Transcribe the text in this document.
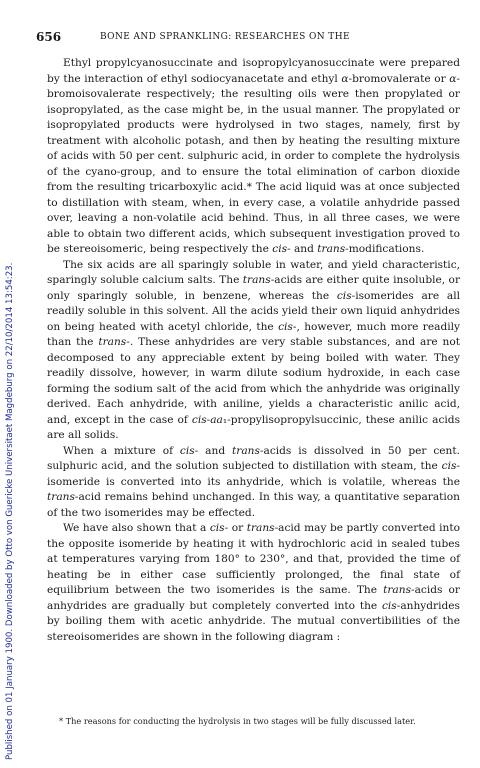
Published on 01 January 1900. Downloaded by Otto von Guericke Universitaet Magdeburg on 22/10/2014 13:54:23.
656	BONE AND SPRANKLING: RESEARCHES ON THE

Ethyl propylcyanosuccinate and isopropylcyanosuccinate were prepared by the interaction of ethyl sodiocyanacetate and ethyl α-bromovalerate or α-bromoisovalerate respectively; the resulting oils were then propylated or isopropylated, as the case might be, in the usual manner. The propylated or isopropylated products were hydrolysed in two stages, namely, first by treatment with alcoholic potash, and then by heating the resulting mixture of acids with 50 per cent. sulphuric acid, in order to complete the hydrolysis of the cyano-group, and to ensure the total elimination of carbon dioxide from the resulting tricarboxylic acid.* The acid liquid was at once subjected to distillation with steam, when, in every case, a volatile anhydride passed over, leaving a non-volatile acid behind. Thus, in all three cases, we were able to obtain two different acids, which subsequent investigation proved to be stereoisomeric, being respectively the cis- and trans-modifications.

The six acids are all sparingly soluble in water, and yield characteristic, sparingly soluble calcium salts. The trans-acids are either quite insoluble, or only sparingly soluble, in benzene, whereas the cis-isomerides are all readily soluble in this solvent. All the acids yield their own liquid anhydrides on being heated with acetyl chloride, the cis-, however, much more readily than the trans-. These anhydrides are very stable substances, and are not decomposed to any appreciable extent by being boiled with water. They readily dissolve, however, in warm dilute sodium hydroxide, in each case forming the sodium salt of the acid from which the anhydride was originally derived. Each anhydride, with aniline, yields a characteristic anilic acid, and, except in the case of cis-aa₁-propylisopropylsuccinic, these anilic acids are all solids.

When a mixture of cis- and trans-acids is dissolved in 50 per cent. sulphuric acid, and the solution subjected to distillation with steam, the cis-isomeride is converted into its anhydride, which is volatile, whereas the trans-acid remains behind unchanged. In this way, a quantitative separation of the two isomerides may be effected.

We have also shown that a cis- or trans-acid may be partly converted into the opposite isomeride by heating it with hydrochloric acid in sealed tubes at temperatures varying from 180° to 230°, and that, provided the time of heating be in either case sufficiently prolonged, the final state of equilibrium between the two isomerides is the same. The trans-acids or anhydrides are gradually but completely converted into the cis-anhydrides by boiling them with acetic anhydride. The mutual convertibilities of the stereoisomerides are shown in the following diagram :

* The reasons for conducting the hydrolysis in two stages will be fully discussed later.
